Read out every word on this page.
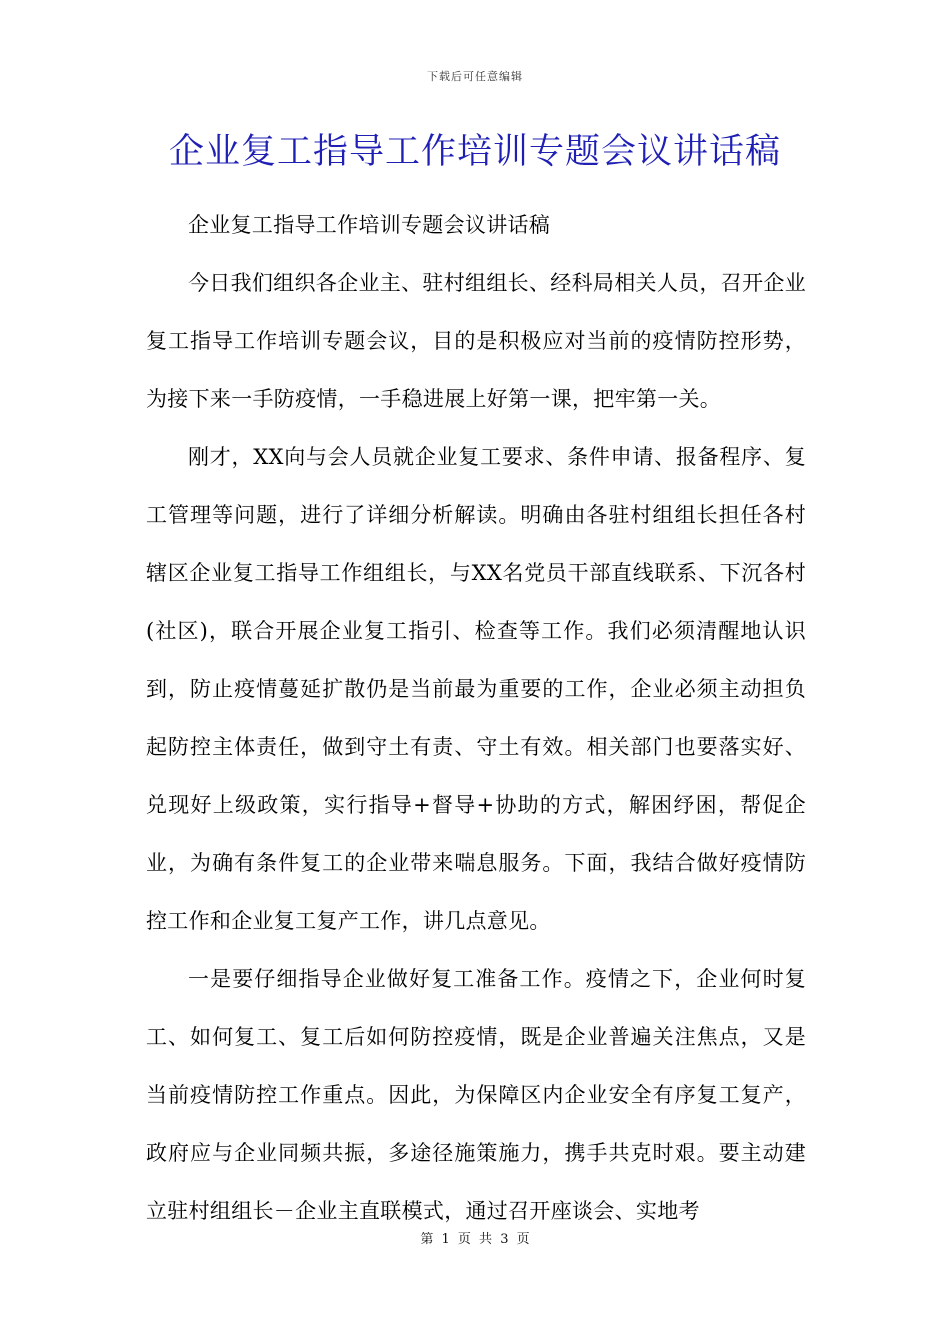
下载后可任意编辑
企业复工指导工作培训专题会议讲话稿

企业复工指导工作培训专题会议讲话稿

今日我们组织各企业主、驻村组组长、经科局相关人员，召开企业复工指导工作培训专题会议，目的是积极应对当前的疫情防控形势，为接下来一手防疫情，一手稳进展上好第一课，把牢第一关。

刚才，XX向与会人员就企业复工要求、条件申请、报备程序、复工管理等问题，进行了详细分析解读。明确由各驻村组组长担任各村辖区企业复工指导工作组组长，与XX名党员干部直线联系、下沉各村(社区)，联合开展企业复工指引、检查等工作。我们必须清醒地认识到，防止疫情蔓延扩散仍是当前最为重要的工作，企业必须主动担负起防控主体责任，做到守土有责、守土有效。相关部门也要落实好、兑现好上级政策，实行指导+督导+协助的方式，解困纾困，帮促企业，为确有条件复工的企业带来喘息服务。下面，我结合做好疫情防控工作和企业复工复产工作，讲几点意见。

一是要仔细指导企业做好复工准备工作。疫情之下，企业何时复工、如何复工、复工后如何防控疫情，既是企业普遍关注焦点，又是当前疫情防控工作重点。因此，为保障区内企业安全有序复工复产，政府应与企业同频共振，多途径施策施力，携手共克时艰。要主动建立驻村组组长－企业主直联模式，通过召开座谈会、实地考

第 1 页 共 3 页
